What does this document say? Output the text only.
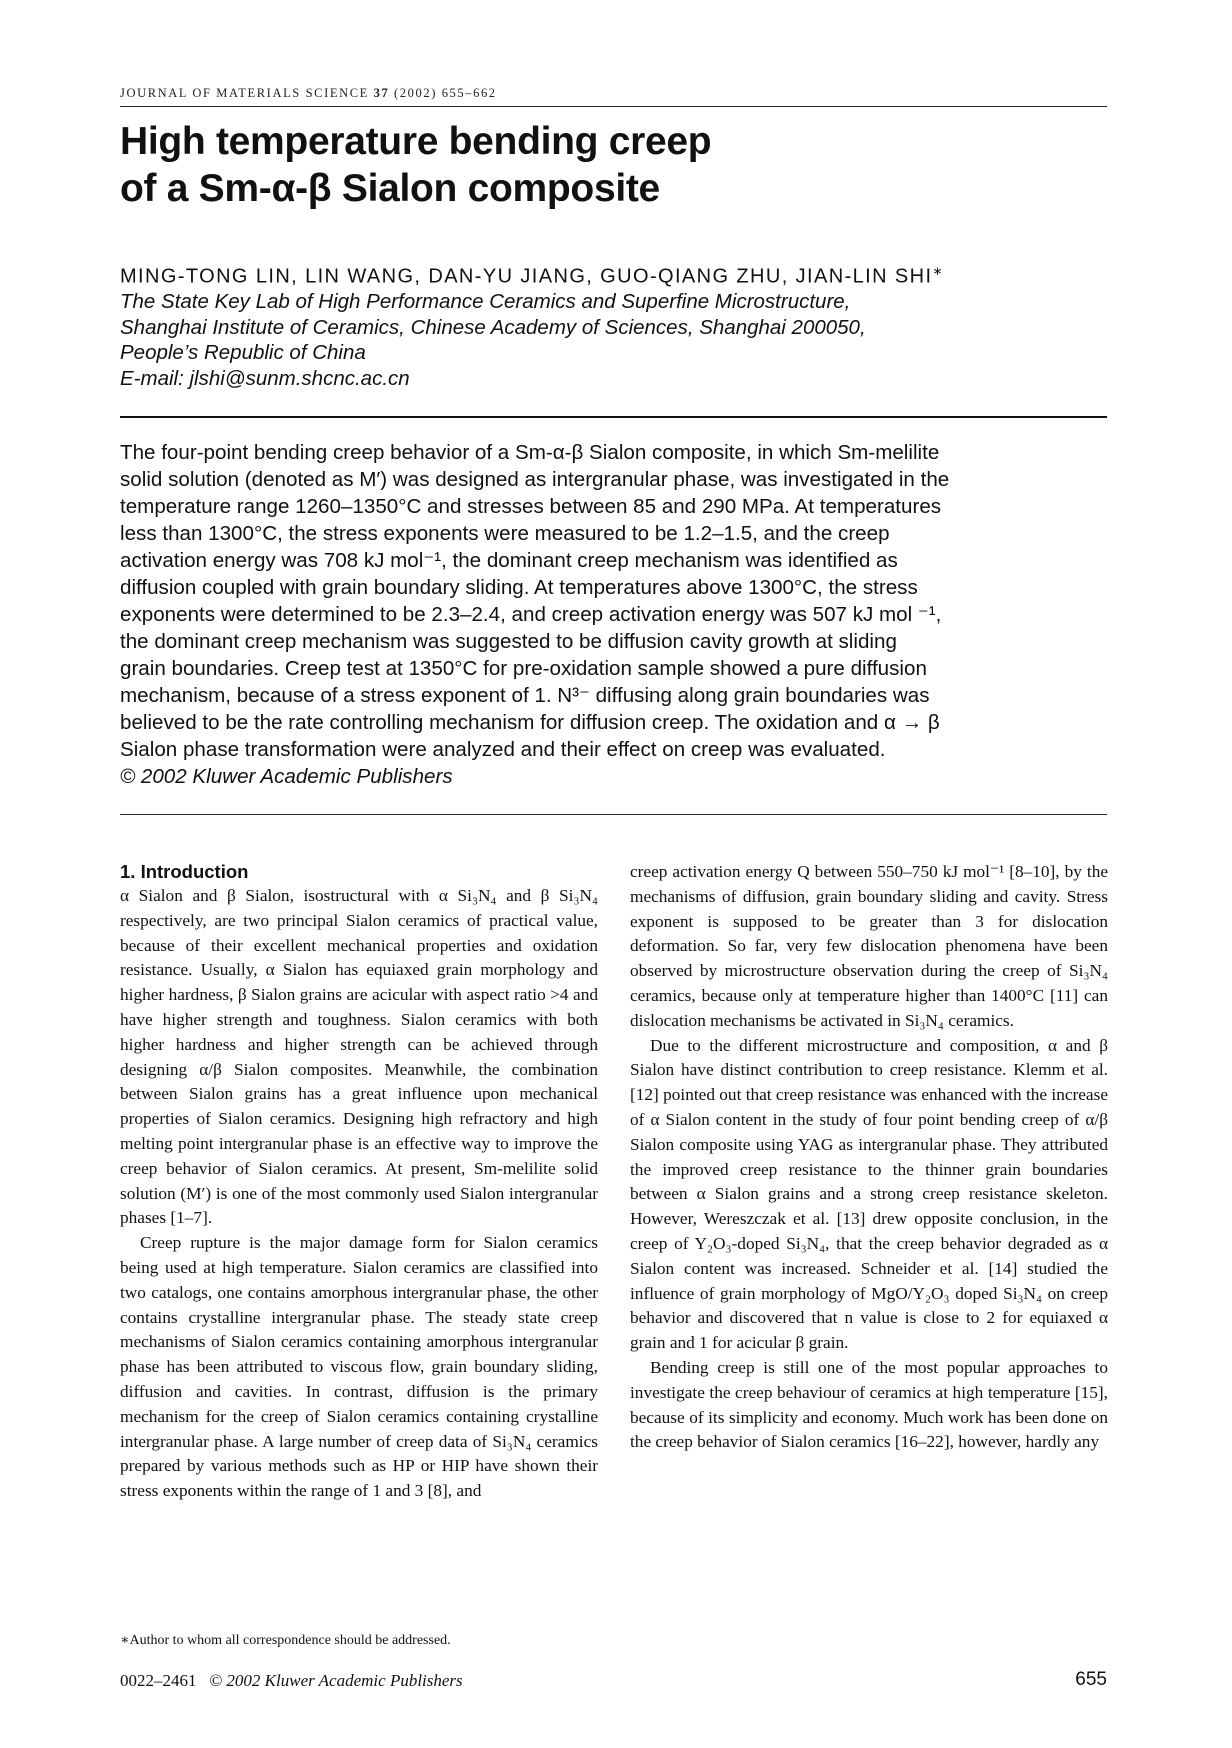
JOURNAL OF MATERIALS SCIENCE 37 (2002) 655–662
High temperature bending creep
of a Sm-α-β Sialon composite
MING-TONG LIN, LIN WANG, DAN-YU JIANG, GUO-QIANG ZHU, JIAN-LIN SHI∗
The State Key Lab of High Performance Ceramics and Superfine Microstructure,
Shanghai Institute of Ceramics, Chinese Academy of Sciences, Shanghai 200050,
People’s Republic of China
E-mail: jlshi@sunm.shcnc.ac.cn
The four-point bending creep behavior of a Sm-α-β Sialon composite, in which Sm-melilite
solid solution (denoted as M′) was designed as intergranular phase, was investigated in the
temperature range 1260–1350°C and stresses between 85 and 290 MPa. At temperatures
less than 1300°C, the stress exponents were measured to be 1.2–1.5, and the creep
activation energy was 708 kJ mol⁻¹, the dominant creep mechanism was identified as
diffusion coupled with grain boundary sliding. At temperatures above 1300°C, the stress
exponents were determined to be 2.3–2.4, and creep activation energy was 507 kJ mol ⁻¹,
the dominant creep mechanism was suggested to be diffusion cavity growth at sliding
grain boundaries. Creep test at 1350°C for pre-oxidation sample showed a pure diffusion
mechanism, because of a stress exponent of 1. N³⁻ diffusing along grain boundaries was
believed to be the rate controlling mechanism for diffusion creep. The oxidation and α → β
Sialon phase transformation were analyzed and their effect on creep was evaluated.
© 2002 Kluwer Academic Publishers
1. Introduction

α Sialon and β Sialon, isostructural with α Si₃N₄ and β Si₃N₄ respectively, are two principal Sialon ceramics of practical value, because of their excellent mechanical properties and oxidation resistance. Usually, α Sialon has equiaxed grain morphology and higher hardness, β Sialon grains are acicular with aspect ratio >4 and have higher strength and toughness. Sialon ceramics with both higher hardness and higher strength can be achieved through designing α/β Sialon composites. Meanwhile, the combination between Sialon grains has a great influence upon mechanical properties of Sialon ceramics. Designing high refractory and high melting point intergranular phase is an effective way to improve the creep behavior of Sialon ceramics. At present, Sm-melilite solid solution (M′) is one of the most commonly used Sialon intergranular phases [1–7].

Creep rupture is the major damage form for Sialon ceramics being used at high temperature. Sialon ceramics are classified into two catalogs, one contains amorphous intergranular phase, the other contains crystalline intergranular phase. The steady state creep mechanisms of Sialon ceramics containing amorphous intergranular phase has been attributed to viscous flow, grain boundary sliding, diffusion and cavities. In contrast, diffusion is the primary mechanism for the creep of Sialon ceramics containing crystalline intergranular phase. A large number of creep data of Si₃N₄ ceramics prepared by various methods such as HP or HIP have shown their stress exponents within the range of 1 and 3 [8], and

creep activation energy Q between 550–750 kJ mol⁻¹ [8–10], by the mechanisms of diffusion, grain boundary sliding and cavity. Stress exponent is supposed to be greater than 3 for dislocation deformation. So far, very few dislocation phenomena have been observed by microstructure observation during the creep of Si₃N₄ ceramics, because only at temperature higher than 1400°C [11] can dislocation mechanisms be activated in Si₃N₄ ceramics.

Due to the different microstructure and composition, α and β Sialon have distinct contribution to creep resistance. Klemm et al. [12] pointed out that creep resistance was enhanced with the increase of α Sialon content in the study of four point bending creep of α/β Sialon composite using YAG as intergranular phase. They attributed the improved creep resistance to the thinner grain boundaries between α Sialon grains and a strong creep resistance skeleton. However, Wereszczak et al. [13] drew opposite conclusion, in the creep of Y₂O₃-doped Si₃N₄, that the creep behavior degraded as α Sialon content was increased. Schneider et al. [14] studied the influence of grain morphology of MgO/Y₂O₃ doped Si₃N₄ on creep behavior and discovered that n value is close to 2 for equiaxed α grain and 1 for acicular β grain.

Bending creep is still one of the most popular approaches to investigate the creep behaviour of ceramics at high temperature [15], because of its simplicity and economy. Much work has been done on the creep behavior of Sialon ceramics [16–22], however, hardly any

∗Author to whom all correspondence should be addressed.
0022–2461 © 2002 Kluwer Academic Publishers	655
